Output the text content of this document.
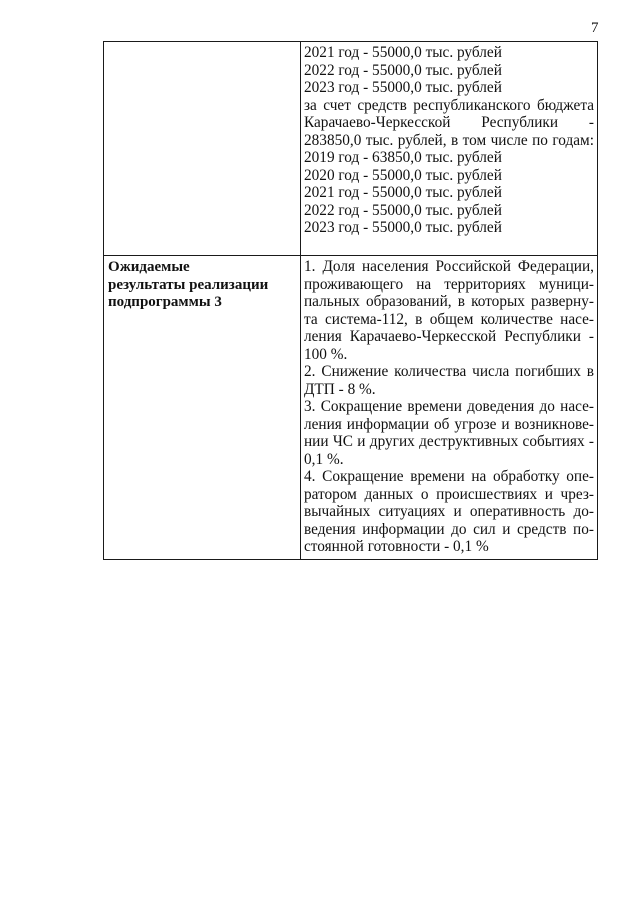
7
2021 год - 55000,0 тыс. рублей
2022 год - 55000,0 тыс. рублей
2023 год - 55000,0 тыс. рублей
за счет средств республиканского бюджета
Карачаево-Черкесской Республики -
283850,0 тыс. рублей, в том числе по годам:
2019 год - 63850,0 тыс. рублей
2020 год - 55000,0 тыс. рублей
2021 год - 55000,0 тыс. рублей
2022 год - 55000,0 тыс. рублей
2023 год - 55000,0 тыс. рублей
Ожидаемые
результаты реализации
подпрограммы 3
1. Доля населения Российской Федерации,
проживающего на территориях муници-
пальных образований, в которых разверну-
та система-112, в общем количестве насе-
ления Карачаево-Черкесской Республики -
100 %.
2. Снижение количества числа погибших в
ДТП - 8 %.
3. Сокращение времени доведения до насе-
ления информации об угрозе и возникнове-
нии ЧС и других деструктивных событиях -
0,1 %.
4. Сокращение времени на обработку опе-
ратором данных о происшествиях и чрез-
вычайных ситуациях и оперативность до-
ведения информации до сил и средств по-
стоянной готовности - 0,1 %
